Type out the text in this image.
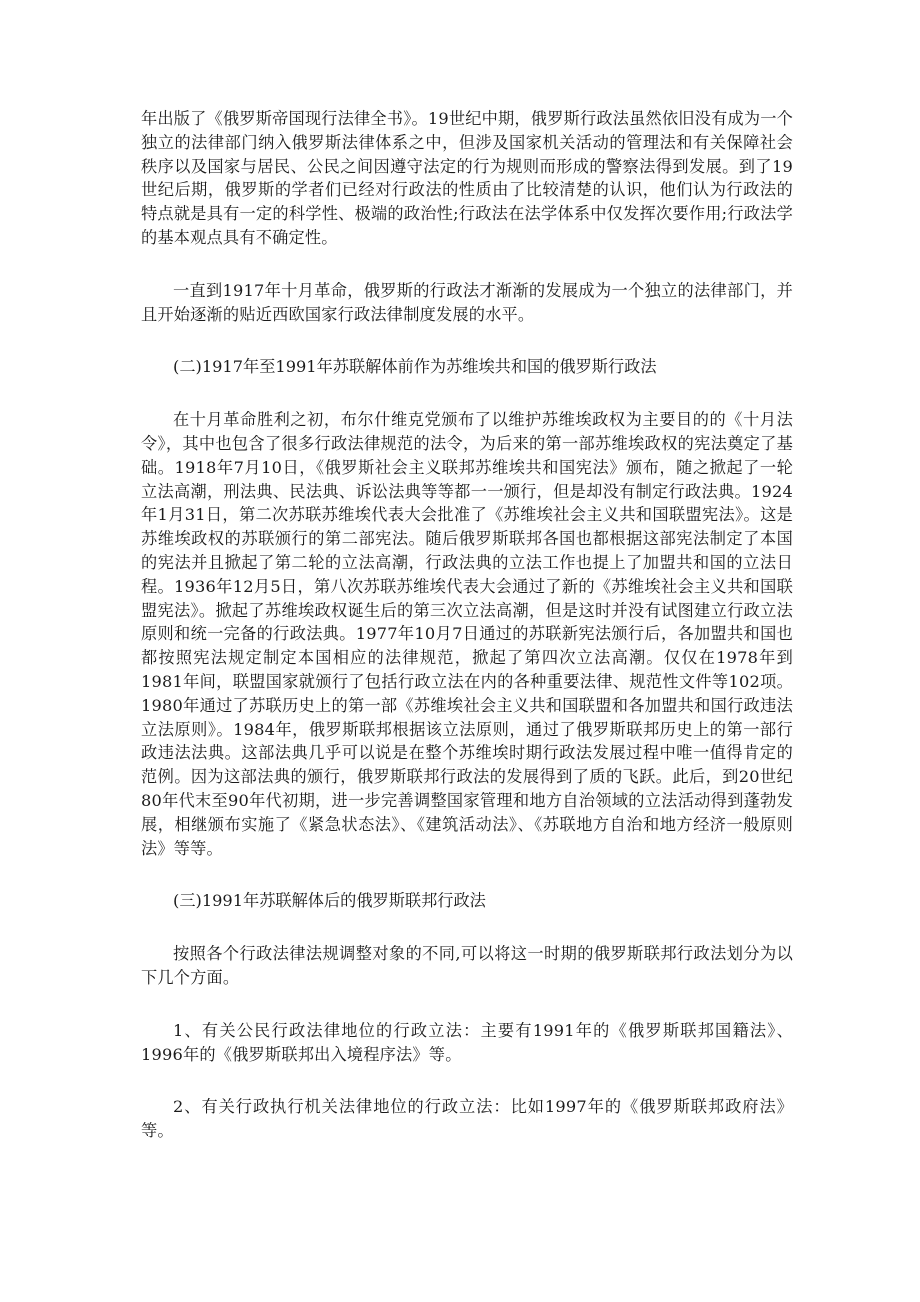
年出版了《俄罗斯帝国现行法律全书》。19世纪中期，俄罗斯行政法虽然依旧没有成为一个独立的法律部门纳入俄罗斯法律体系之中，但涉及国家机关活动的管理法和有关保障社会秩序以及国家与居民、公民之间因遵守法定的行为规则而形成的警察法得到发展。到了19世纪后期，俄罗斯的学者们已经对行政法的性质由了比较清楚的认识，他们认为行政法的特点就是具有一定的科学性、极端的政治性;行政法在法学体系中仅发挥次要作用;行政法学的基本观点具有不确定性。

一直到1917年十月革命，俄罗斯的行政法才渐渐的发展成为一个独立的法律部门，并且开始逐渐的贴近西欧国家行政法律制度发展的水平。

(二)1917年至1991年苏联解体前作为苏维埃共和国的俄罗斯行政法

在十月革命胜利之初，布尔什维克党颁布了以维护苏维埃政权为主要目的的《十月法令》，其中也包含了很多行政法律规范的法令，为后来的第一部苏维埃政权的宪法奠定了基础。1918年7月10日，《俄罗斯社会主义联邦苏维埃共和国宪法》颁布，随之掀起了一轮立法高潮，刑法典、民法典、诉讼法典等等都一一颁行，但是却没有制定行政法典。1924年1月31日，第二次苏联苏维埃代表大会批准了《苏维埃社会主义共和国联盟宪法》。这是苏维埃政权的苏联颁行的第二部宪法。随后俄罗斯联邦各国也都根据这部宪法制定了本国的宪法并且掀起了第二轮的立法高潮，行政法典的立法工作也提上了加盟共和国的立法日程。1936年12月5日，第八次苏联苏维埃代表大会通过了新的《苏维埃社会主义共和国联盟宪法》。掀起了苏维埃政权诞生后的第三次立法高潮，但是这时并没有试图建立行政立法原则和统一完备的行政法典。1977年10月7日通过的苏联新宪法颁行后，各加盟共和国也都按照宪法规定制定本国相应的法律规范，掀起了第四次立法高潮。仅仅在1978年到1981年间，联盟国家就颁行了包括行政立法在内的各种重要法律、规范性文件等102项。1980年通过了苏联历史上的第一部《苏维埃社会主义共和国联盟和各加盟共和国行政违法立法原则》。1984年，俄罗斯联邦根据该立法原则，通过了俄罗斯联邦历史上的第一部行政违法法典。这部法典几乎可以说是在整个苏维埃时期行政法发展过程中唯一值得肯定的范例。因为这部法典的颁行，俄罗斯联邦行政法的发展得到了质的飞跃。此后，到20世纪80年代末至90年代初期，进一步完善调整国家管理和地方自治领域的立法活动得到蓬勃发展，相继颁布实施了《紧急状态法》、《建筑活动法》、《苏联地方自治和地方经济一般原则法》等等。

(三)1991年苏联解体后的俄罗斯联邦行政法

按照各个行政法律法规调整对象的不同,可以将这一时期的俄罗斯联邦行政法划分为以下几个方面。

1、有关公民行政法律地位的行政立法：主要有1991年的《俄罗斯联邦国籍法》、1996年的《俄罗斯联邦出入境程序法》等。

2、有关行政执行机关法律地位的行政立法：比如1997年的《俄罗斯联邦政府法》等。
